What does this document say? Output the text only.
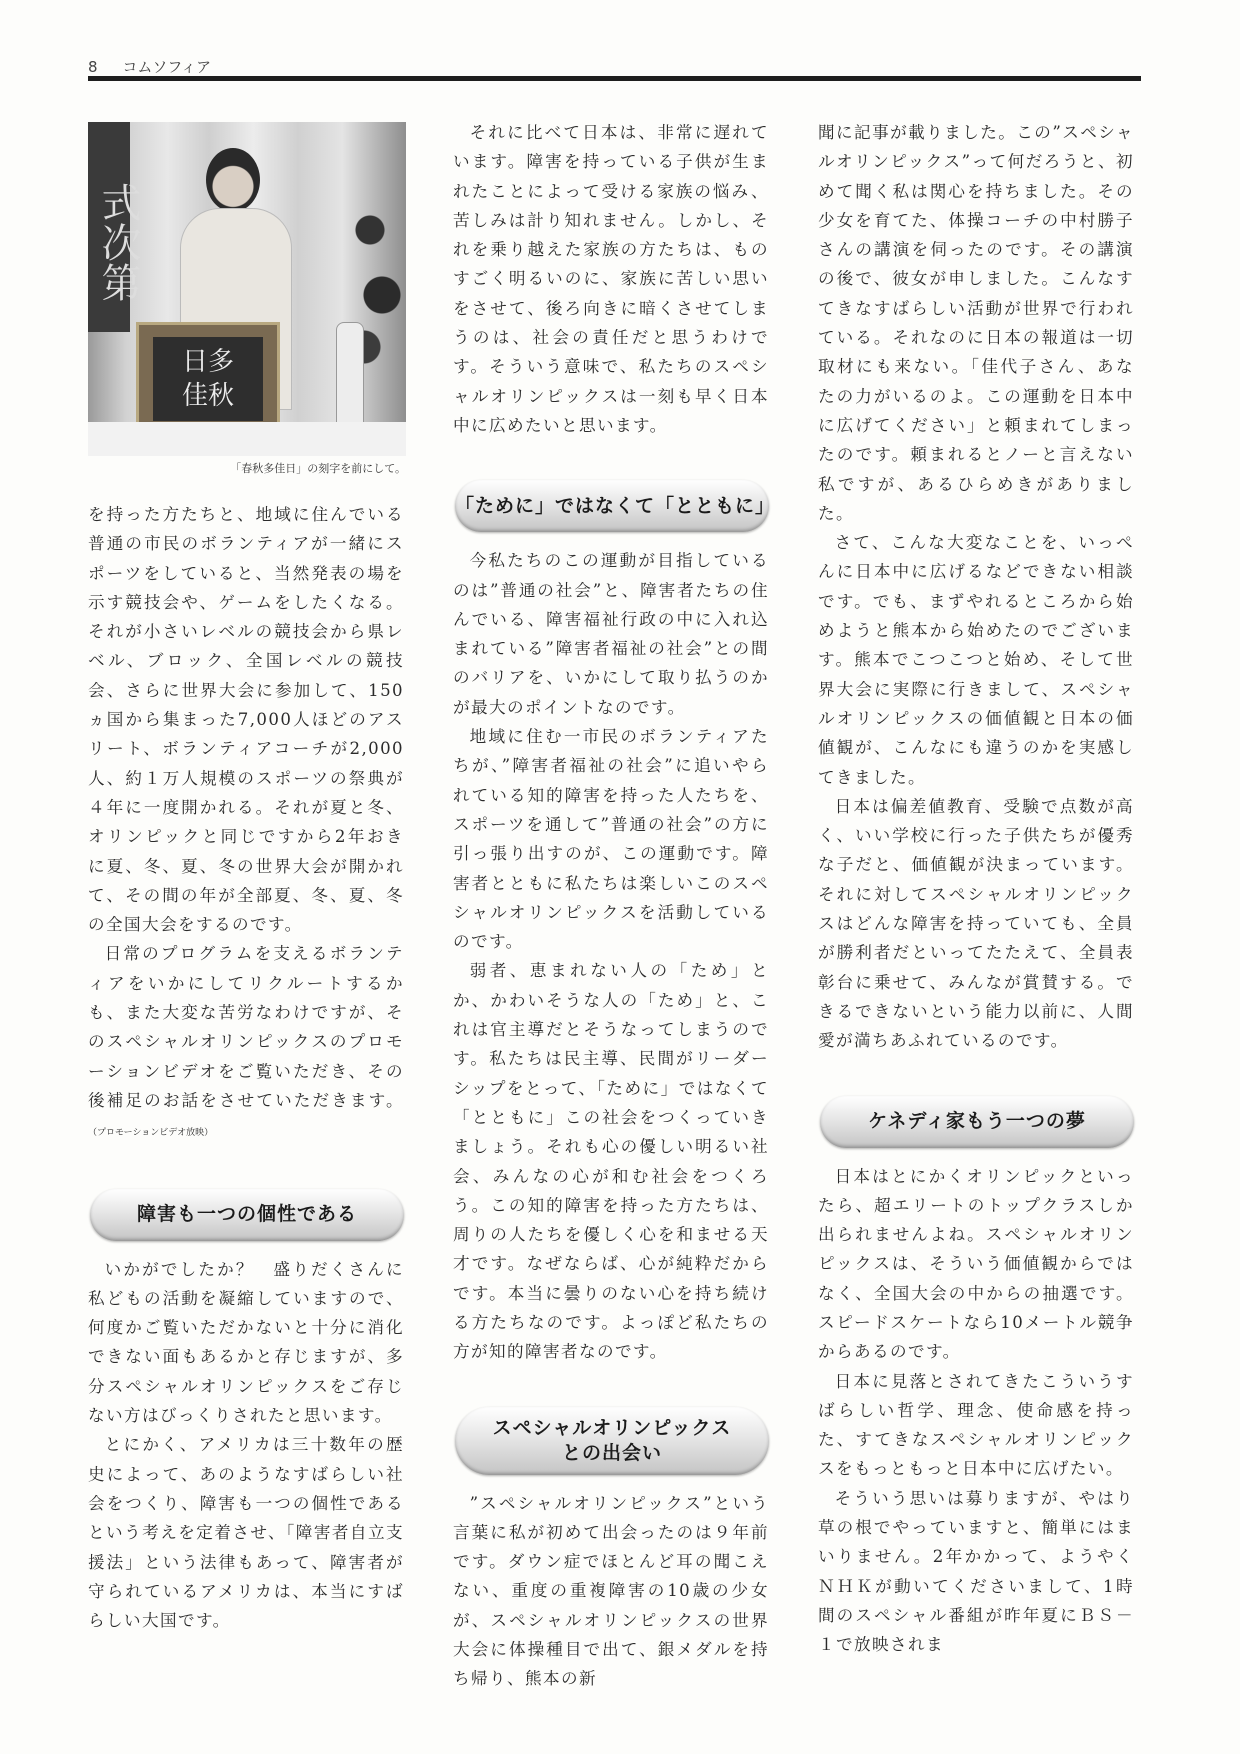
8 コムソフィア
式次第
日多
佳秋
「春秋多佳日」の刻字を前にして。

を持った方たちと、地域に住んでいる普通の市民のボランティアが一緒にスポーツをしていると、当然発表の場を示す競技会や、ゲームをしたくなる。それが小さいレベルの競技会から県レベル、ブロック、全国レベルの競技会、さらに世界大会に参加して、150ヵ国から集まった7,000人ほどのアスリート、ボランティアコーチが2,000人、約１万人規模のスポーツの祭典が４年に一度開かれる。それが夏と冬、オリンピックと同じですから2年おきに夏、冬、夏、冬の世界大会が開かれて、その間の年が全部夏、冬、夏、冬の全国大会をするのです。

日常のプログラムを支えるボランティアをいかにしてリクルートするかも、また大変な苦労なわけですが、そのスペシャルオリンピックスのプロモーションビデオをご覧いただき、その後補足のお話をさせていただきます。（プロモーションビデオ放映）

障害も一つの個性である

いかがでしたか？　盛りだくさんに私どもの活動を凝縮していますので、何度かご覧いただかないと十分に消化できない面もあるかと存じますが、多分スペシャルオリンピックスをご存じない方はびっくりされたと思います。

とにかく、アメリカは三十数年の歴史によって、あのようなすばらしい社会をつくり、障害も一つの個性であるという考えを定着させ、「障害者自立支援法」という法律もあって、障害者が守られているアメリカは、本当にすばらしい大国です。

それに比べて日本は、非常に遅れています。障害を持っている子供が生まれたことによって受ける家族の悩み、苦しみは計り知れません。しかし、それを乗り越えた家族の方たちは、ものすごく明るいのに、家族に苦しい思いをさせて、後ろ向きに暗くさせてしまうのは、社会の責任だと思うわけです。そういう意味で、私たちのスペシャルオリンピックスは一刻も早く日本中に広めたいと思います。

「ために」ではなくて「とともに」

今私たちのこの運動が目指しているのは”普通の社会”と、障害者たちの住んでいる、障害福祉行政の中に入れ込まれている”障害者福祉の社会”との間のバリアを、いかにして取り払うのかが最大のポイントなのです。

地域に住む一市民のボランティアたちが、”障害者福祉の社会”に追いやられている知的障害を持った人たちを、スポーツを通して”普通の社会”の方に引っ張り出すのが、この運動です。障害者とともに私たちは楽しいこのスペシャルオリンピックスを活動しているのです。

弱者、恵まれない人の「ため」とか、かわいそうな人の「ため」と、これは官主導だとそうなってしまうのです。私たちは民主導、民間がリーダーシップをとって、「ために」ではなくて「とともに」この社会をつくっていきましょう。それも心の優しい明るい社会、みんなの心が和む社会をつくろう。この知的障害を持った方たちは、周りの人たちを優しく心を和ませる天才です。なぜならば、心が純粋だからです。本当に曇りのない心を持ち続ける方たちなのです。よっぽど私たちの方が知的障害者なのです。

スペシャルオリンピックス
との出会い

”スペシャルオリンピックス”という言葉に私が初めて出会ったのは９年前です。ダウン症でほとんど耳の聞こえない、重度の重複障害の10歳の少女が、スペシャルオリンピックスの世界大会に体操種目で出て、銀メダルを持ち帰り、熊本の新

聞に記事が載りました。この”スペシャルオリンピックス”って何だろうと、初めて聞く私は関心を持ちました。その少女を育てた、体操コーチの中村勝子さんの講演を伺ったのです。その講演の後で、彼女が申しました。こんなすてきなすばらしい活動が世界で行われている。それなのに日本の報道は一切取材にも来ない。「佳代子さん、あなたの力がいるのよ。この運動を日本中に広げてください」と頼まれてしまったのです。頼まれるとノーと言えない私ですが、あるひらめきがありました。

さて、こんな大変なことを、いっぺんに日本中に広げるなどできない相談です。でも、まずやれるところから始めようと熊本から始めたのでございます。熊本でこつこつと始め、そして世界大会に実際に行きまして、スペシャルオリンピックスの価値観と日本の価値観が、こんなにも違うのかを実感してきました。

日本は偏差値教育、受験で点数が高く、いい学校に行った子供たちが優秀な子だと、価値観が決まっています。それに対してスペシャルオリンピックスはどんな障害を持っていても、全員が勝利者だといってたたえて、全員表彰台に乗せて、みんなが賞賛する。できるできないという能力以前に、人間愛が満ちあふれているのです。

ケネディ家もう一つの夢

日本はとにかくオリンピックといったら、超エリートのトップクラスしか出られませんよね。スペシャルオリンピックスは、そういう価値観からではなく、全国大会の中からの抽選です。スピードスケートなら10メートル競争からあるのです。

日本に見落とされてきたこういうすばらしい哲学、理念、使命感を持った、すてきなスペシャルオリンピックスをもっともっと日本中に広げたい。

そういう思いは募りますが、やはり草の根でやっていますと、簡単にはまいりません。2年かかって、ようやくＮＨＫが動いてくださいまして、1時間のスペシャル番組が昨年夏にＢＳ－１で放映されま
